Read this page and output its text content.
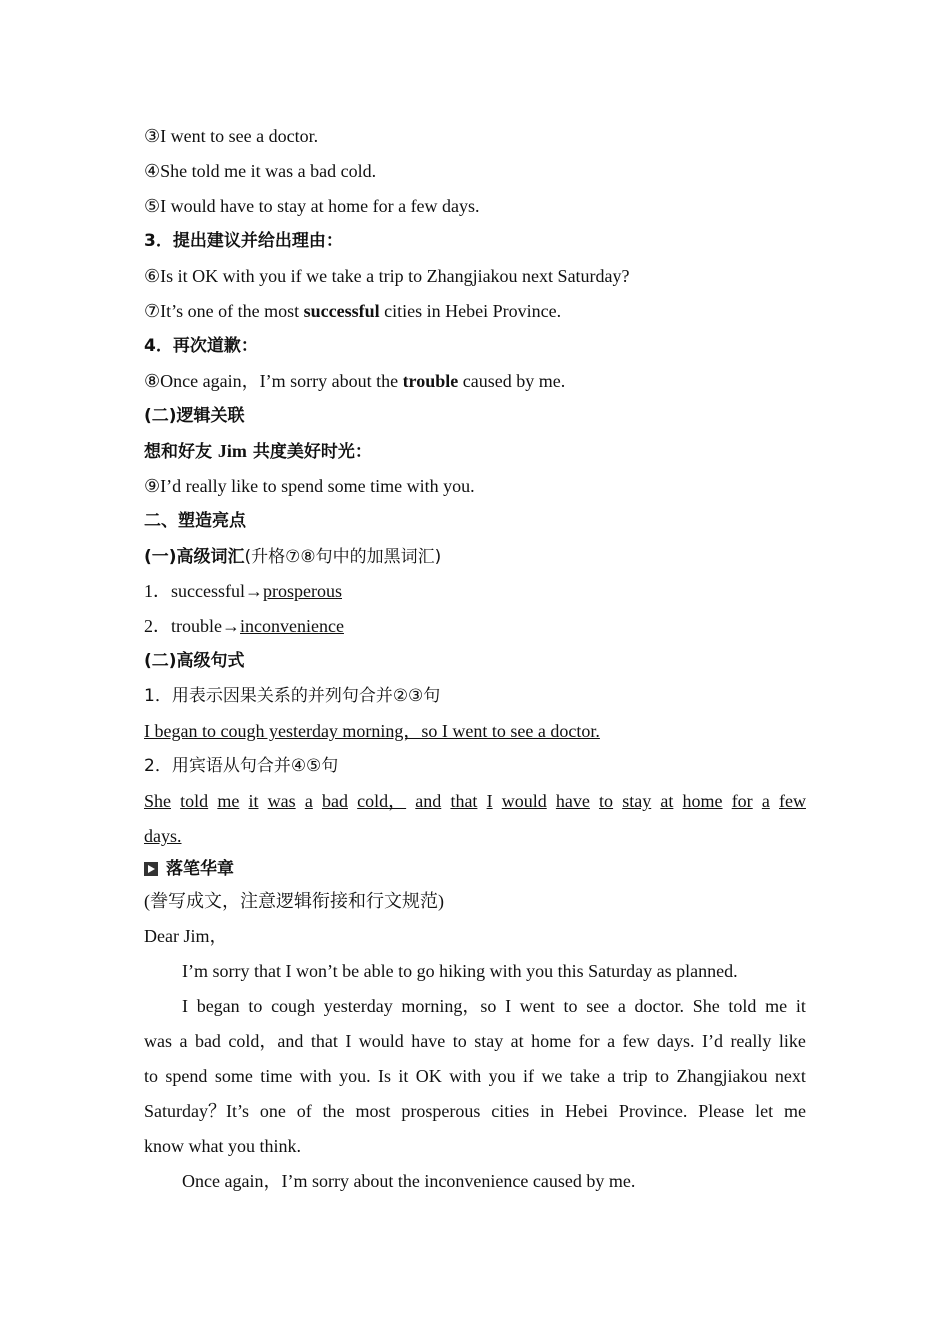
③I went to see a doctor.
④She told me it was a bad cold.
⑤I would have to stay at home for a few days.
3．提出建议并给出理由：
⑥Is it OK with you if we take a trip to Zhangjiakou next Saturday?
⑦It’s one of the most successful cities in Hebei Province.
4．再次道歉：
⑧Once again，I’m sorry about the trouble caused by me.
(二)逻辑关联
想和好友 Jim 共度美好时光：
⑨I’d really like to spend some time with you.
二、塑造亮点
(一)高级词汇(升格⑦⑧句中的加黑词汇)
1．successful→prosperous
2．trouble→inconvenience
(二)高级句式
1．用表示因果关系的并列句合并②③句
I began to cough yesterday morning，so I went to see a doctor.
2．用宾语从句合并④⑤句
She told me it was a bad cold， and that I would have to stay at home for a few
days.
落笔华章
(誊写成文，注意逻辑衔接和行文规范)
Dear Jim，
I’m sorry that I won’t be able to go hiking with you this Saturday as planned.
I began to cough yesterday morning，so I went to see a doctor. She told me it
was a bad cold，and that I would have to stay at home for a few days. I’d really like
to spend some time with you. Is it OK with you if we take a trip to Zhangjiakou next
Saturday？It’s one of the most prosperous cities in Hebei Province. Please let me
know what you think.
Once again，I’m sorry about the inconvenience caused by me.
